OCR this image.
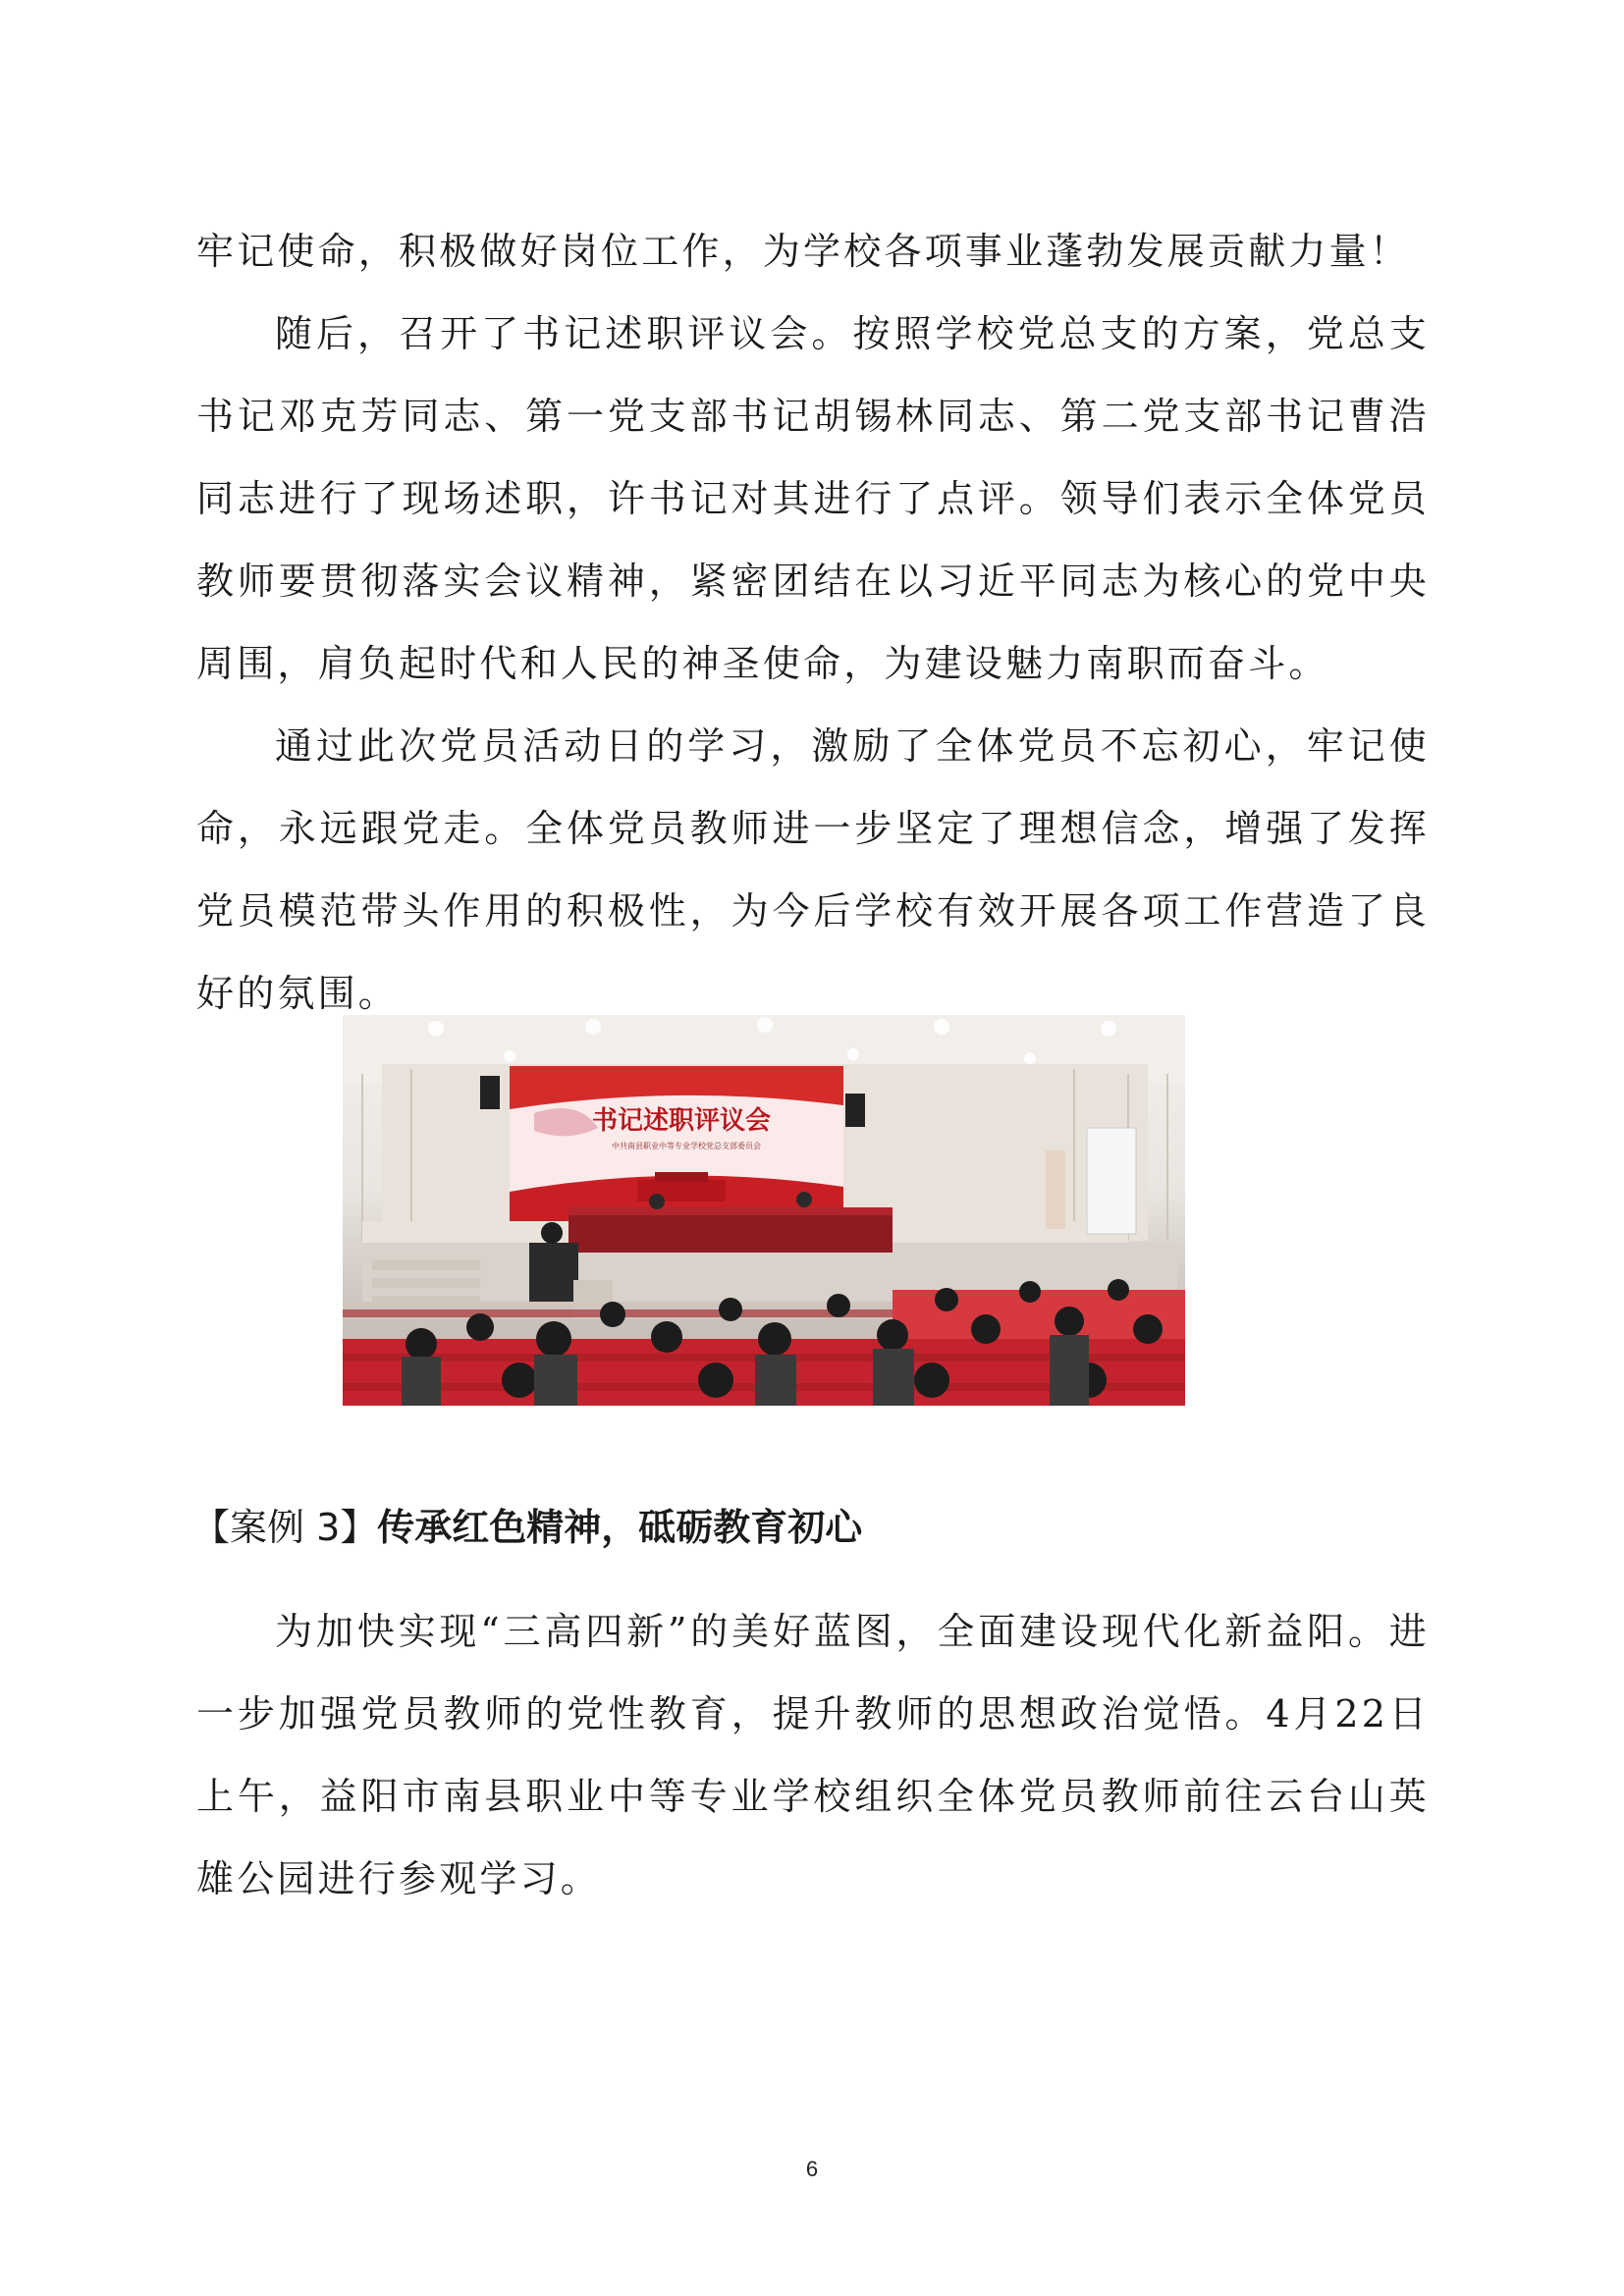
牢记使命，积极做好岗位工作，为学校各项事业蓬勃发展贡献力量！

随后，召开了书记述职评议会。按照学校党总支的方案，党总支书记邓克芳同志、第一党支部书记胡锡林同志、第二党支部书记曹浩同志进行了现场述职，许书记对其进行了点评。领导们表示全体党员教师要贯彻落实会议精神，紧密团结在以习近平同志为核心的党中央周围，肩负起时代和人民的神圣使命，为建设魅力南职而奋斗。

通过此次党员活动日的学习，激励了全体党员不忘初心，牢记使命，永远跟党走。全体党员教师进一步坚定了理想信念，增强了发挥党员模范带头作用的积极性，为今后学校有效开展各项工作营造了良好的氛围。

书记述职评议会
中共南县职业中等专业学校党总支部委员会
【案例 3】传承红色精神，砥砺教育初心

为加快实现“三高四新”的美好蓝图，全面建设现代化新益阳。进一步加强党员教师的党性教育，提升教师的思想政治觉悟。4月22日上午，益阳市南县职业中等专业学校组织全体党员教师前往云台山英雄公园进行参观学习。

6
